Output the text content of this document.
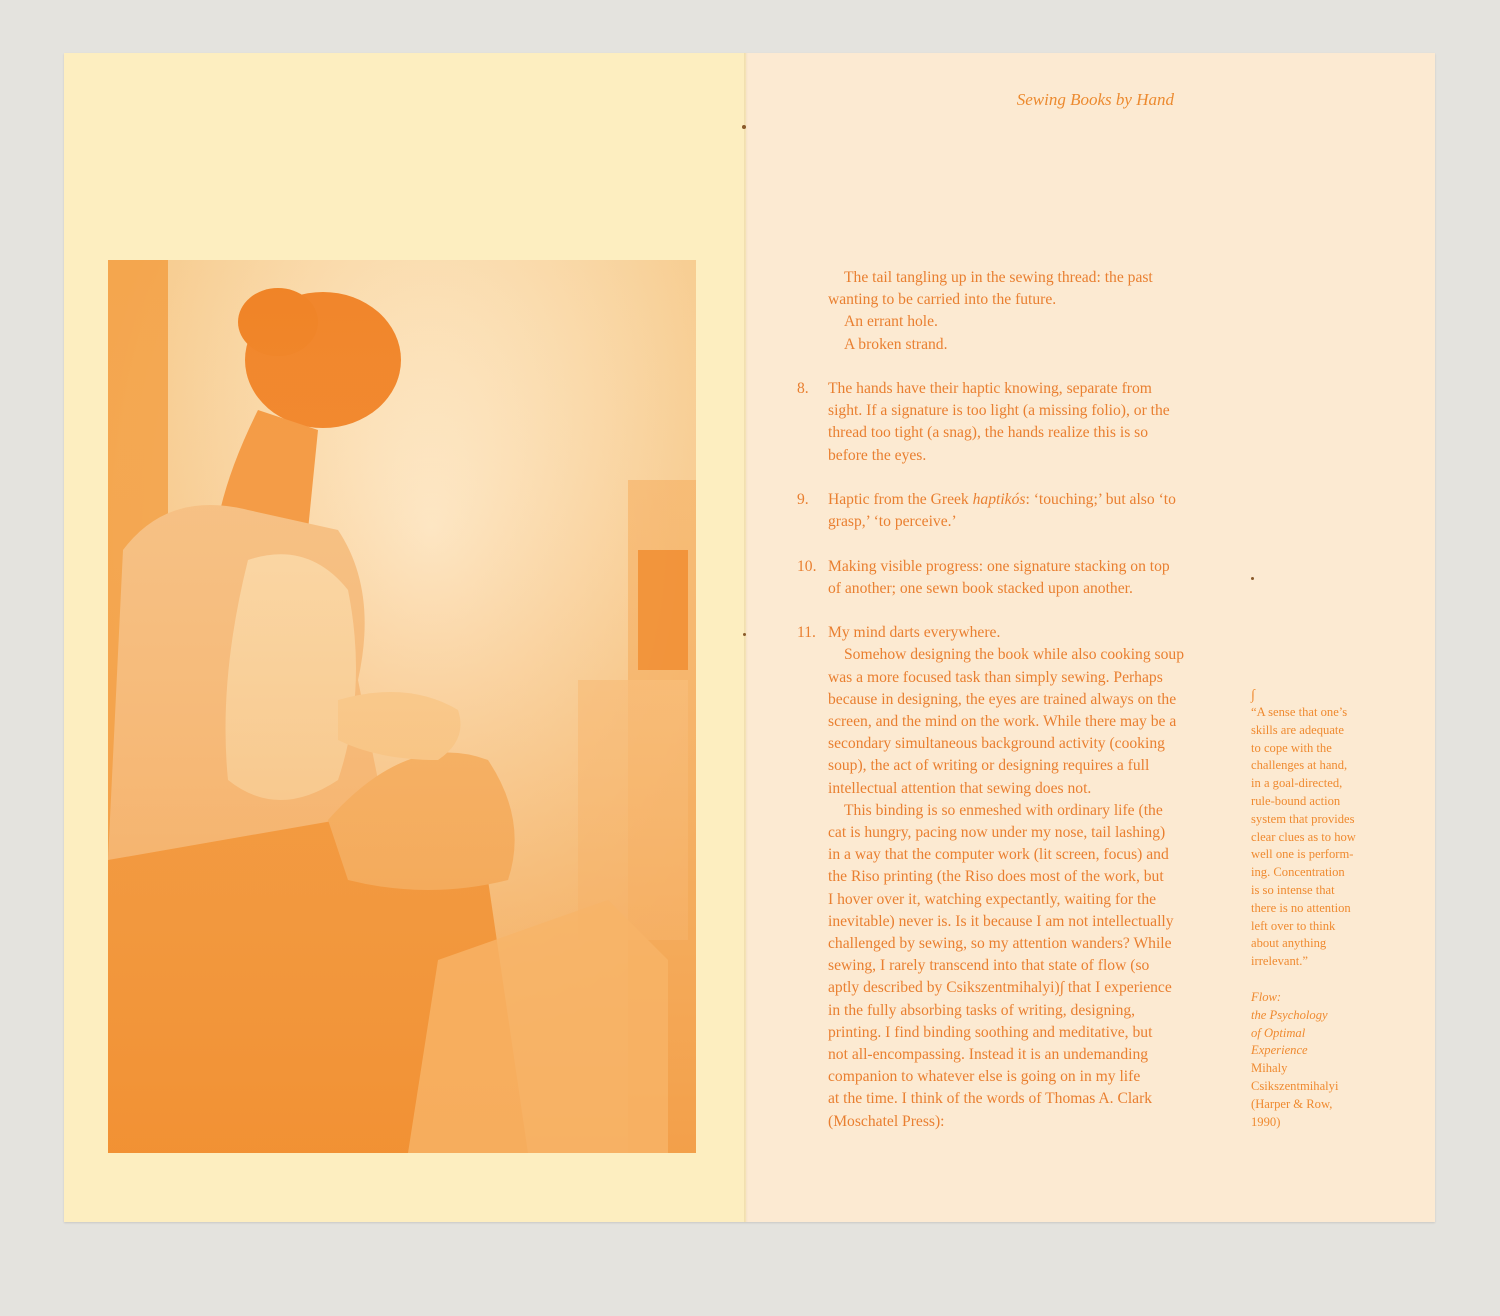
Sewing Books by Hand

The tail tangling up in the sewing thread: the past

wanting to be carried into the future.

An errant hole.

A broken strand.

8. The hands have their haptic knowing, separate from

sight. If a signature is too light (a missing folio), or the

thread too tight (a snag), the hands realize this is so

before the eyes.

9. Haptic from the Greek haptikós: ‘touching;’ but also ‘to

grasp,’ ‘to perceive.’

10. Making visible progress: one signature stacking on top

of another; one sewn book stacked upon another.

11. My mind darts everywhere.

Somehow designing the book while also cooking soup

was a more focused task than simply sewing. Perhaps

because in designing, the eyes are trained always on the

screen, and the mind on the work. While there may be a

secondary simultaneous background activity (cooking

soup), the act of writing or designing requires a full

intellectual attention that sewing does not.

This binding is so enmeshed with ordinary life (the

cat is hungry, pacing now under my nose, tail lashing)

in a way that the computer work (lit screen, focus) and

the Riso printing (the Riso does most of the work, but

I hover over it, watching expectantly, waiting for the

inevitable) never is. Is it because I am not intellectually

challenged by sewing, so my attention wanders? While

sewing, I rarely transcend into that state of flow (so

aptly described by Csikszentmihalyi)∫ that I experience

in the fully absorbing tasks of writing, designing,

printing. I find binding soothing and meditative, but

not all-encompassing. Instead it is an undemanding

companion to whatever else is going on in my life

at the time. I think of the words of Thomas A. Clark

(Moschatel Press):

∫
“A sense that one’s
skills are adequate
to cope with the
challenges at hand,
in a goal-directed,
rule-bound action
system that provides
clear clues as to how
well one is perform-
ing. Concentration
is so intense that
there is no attention
left over to think
about anything
irrelevant.”
Flow:
the Psychology
of Optimal
Experience
Mihaly
Csikszentmihalyi
(Harper & Row,
1990)
